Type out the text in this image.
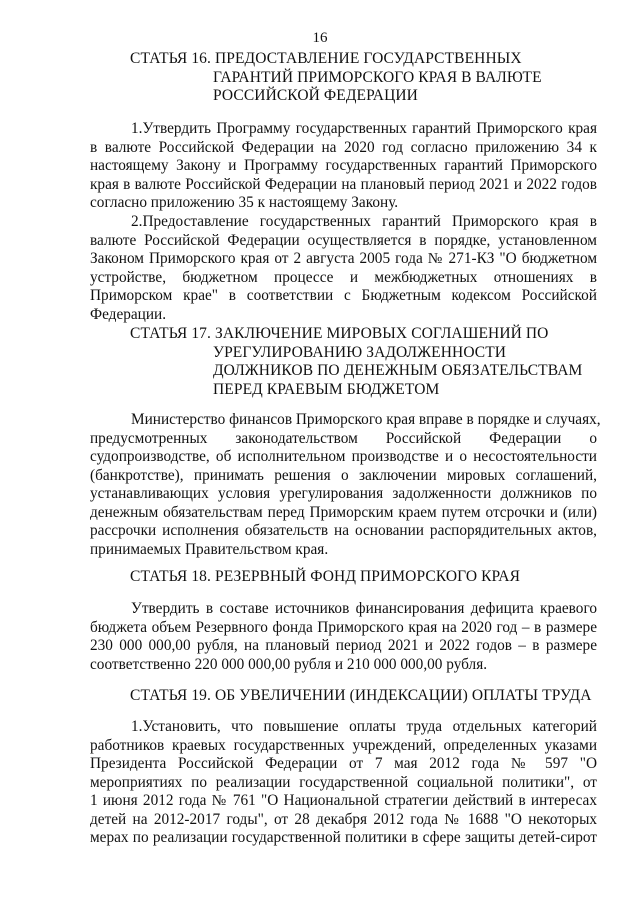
16
СТАТЬЯ 16. ПРЕДОСТАВЛЕНИЕ ГОСУДАРСТВЕННЫХ
ГАРАНТИЙ ПРИМОРСКОГО КРАЯ В ВАЛЮТЕ
РОССИЙСКОЙ ФЕДЕРАЦИИ
1.Утвердить Программу государственных гарантий Приморского края
в валюте Российской Федерации на 2020 год согласно приложению 34 к
настоящему Закону и Программу государственных гарантий Приморского
края в валюте Российской Федерации на плановый период 2021 и 2022 годов
согласно приложению 35 к настоящему Закону.
2.Предоставление государственных гарантий Приморского края в
валюте Российской Федерации осуществляется в порядке, установленном
Законом Приморского края от 2 августа 2005 года № 271-КЗ "О бюджетном
устройстве, бюджетном процессе и межбюджетных отношениях в
Приморском крае" в соответствии с Бюджетным кодексом Российской
Федерации.
СТАТЬЯ 17. ЗАКЛЮЧЕНИЕ МИРОВЫХ СОГЛАШЕНИЙ ПО
УРЕГУЛИРОВАНИЮ ЗАДОЛЖЕННОСТИ
ДОЛЖНИКОВ ПО ДЕНЕЖНЫМ ОБЯЗАТЕЛЬСТВАМ
ПЕРЕД КРАЕВЫМ БЮДЖЕТОМ
Министерство финансов Приморского края вправе в порядке и случаях,
предусмотренных законодательством Российской Федерации о
судопроизводстве, об исполнительном производстве и о несостоятельности
(банкротстве), принимать решения о заключении мировых соглашений,
устанавливающих условия урегулирования задолженности должников по
денежным обязательствам перед Приморским краем путем отсрочки и (или)
рассрочки исполнения обязательств на основании распорядительных актов,
принимаемых Правительством края.
СТАТЬЯ 18. РЕЗЕРВНЫЙ ФОНД ПРИМОРСКОГО КРАЯ
Утвердить в составе источников финансирования дефицита краевого
бюджета объем Резервного фонда Приморского края на 2020 год – в размере
230 000 000,00 рубля, на плановый период 2021 и 2022 годов – в размере
соответственно 220 000 000,00 рубля и 210 000 000,00 рубля.
СТАТЬЯ 19. ОБ УВЕЛИЧЕНИИ (ИНДЕКСАЦИИ) ОПЛАТЫ ТРУДА
1.Установить, что повышение оплаты труда отдельных категорий
работников краевых государственных учреждений, определенных указами
Президента Российской Федерации от 7 мая 2012 года № 597 "О
мероприятиях по реализации государственной социальной политики", от
1 июня 2012 года № 761 "О Национальной стратегии действий в интересах
детей на 2012-2017 годы", от 28 декабря 2012 года № 1688 "О некоторых
мерах по реализации государственной политики в сфере защиты детей-сирот
